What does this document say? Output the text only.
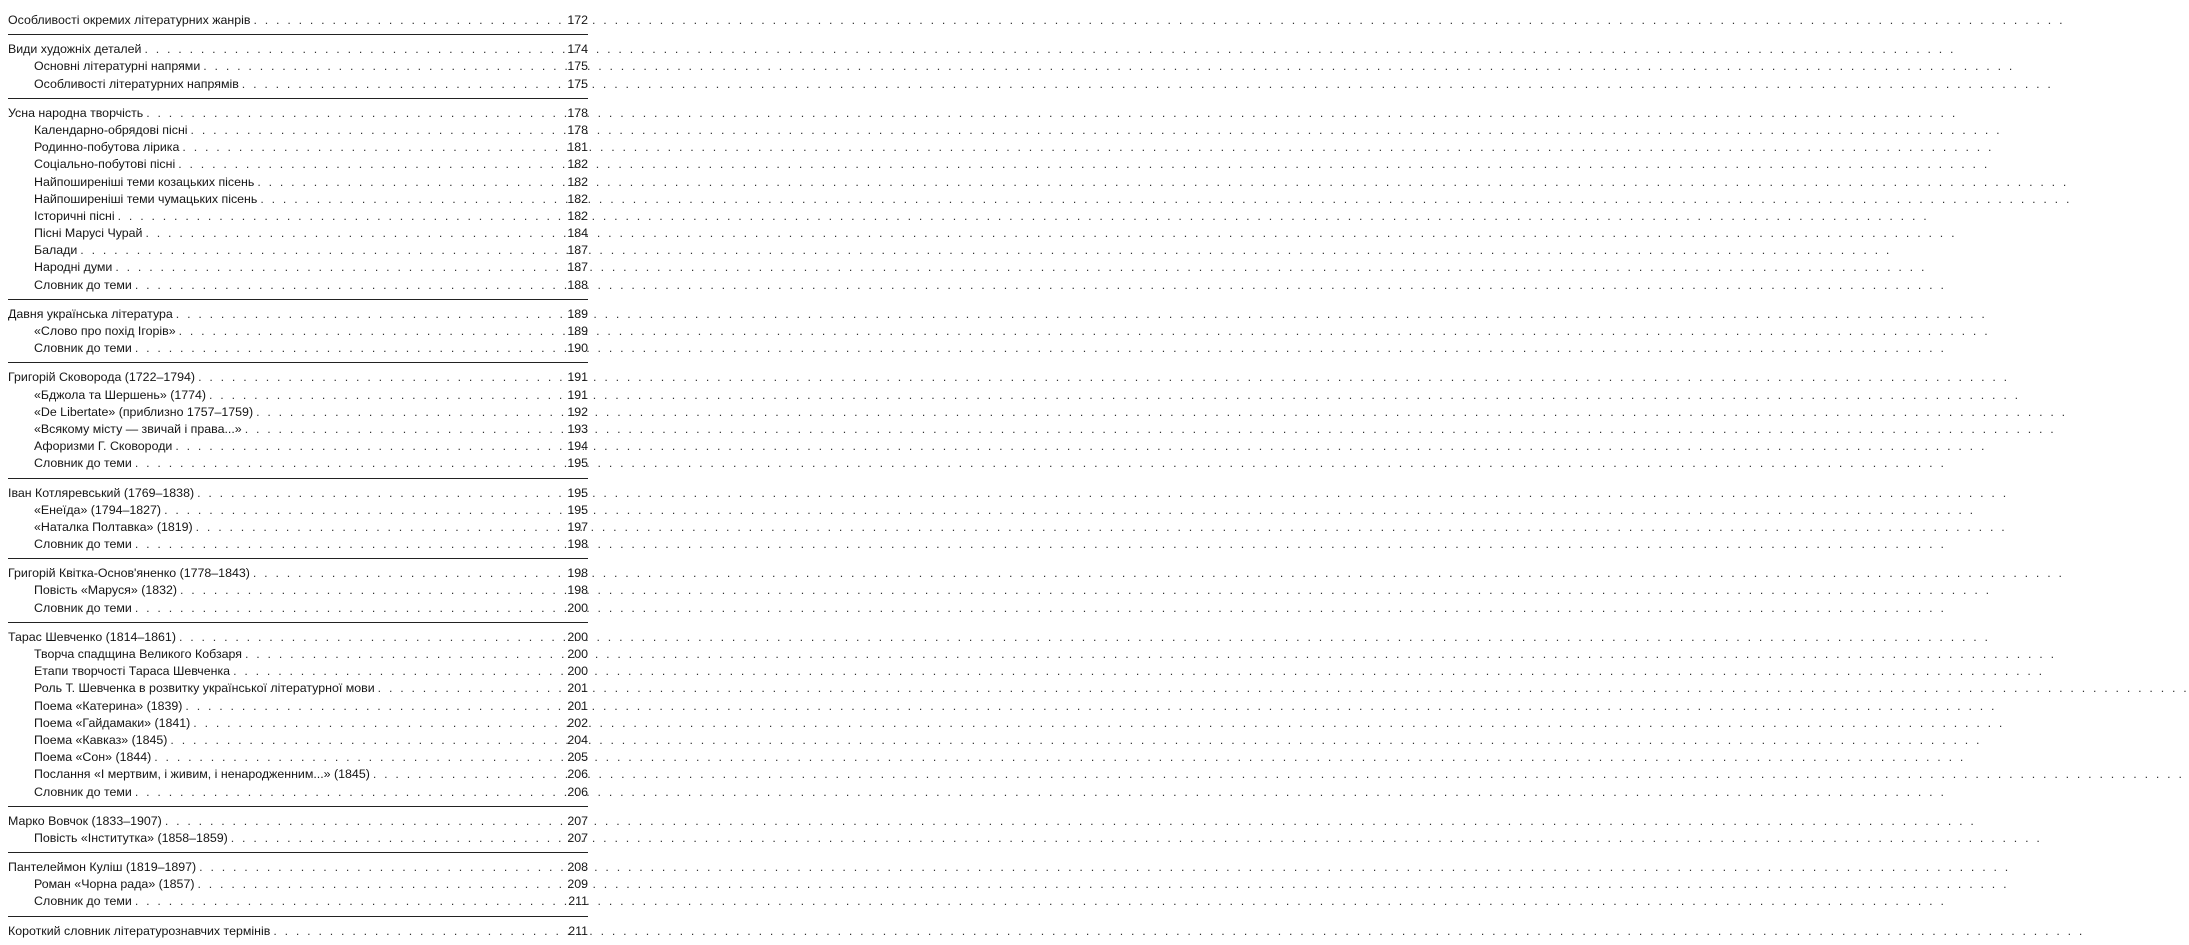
Особливості окремих літературних жанрів . . .	172
Види художніх деталей . . .	174
Основні літературні напрями . . .	175
Особливості літературних напрямів . . .	175
Усна народна творчість . . .	178
Календарно-обрядові пісні . . .	178
Родинно-побутова лірика . . .	181
Соціально-побутові пісні . . .	182
Найпоширеніші теми козацьких пісень . . .	182
Найпоширеніші теми чумацьких пісень . . .	182
Історичні пісні . . .	182
Пісні Марусі Чурай . . .	184
Балади . . .	187
Народні думи . . .	187
Словник до теми . . .	188
Давня українська література . . .	189
«Слово про похід Ігорів» . . .	189
Словник до теми . . .	190
Григорій Сковорода (1722–1794) . . .	191
«Бджола та Шершень» (1774) . . .	191
«De Libertate» (приблизно 1757–1759) . . .	192
«Всякому місту — звичай і права...» . . .	193
Афоризми Г. Сковороди . . .	194
Словник до теми . . .	195
Іван Котляревський (1769–1838) . . .	195
«Енеїда» (1794–1827) . . .	195
«Наталка Полтавка» (1819) . . .	197
Словник до теми . . .	198
Григорій Квітка-Основ'яненко (1778–1843) . . .	198
Повість «Маруся» (1832) . . .	198
Словник до теми . . .	200
Тарас Шевченко (1814–1861) . . .	200
Творча спадщина Великого Кобзаря . . .	200
Етапи творчості Тараса Шевченка . . .	200
Роль Т. Шевченка в розвитку української літературної мови . . .	201
Поема «Катерина» (1839) . . .	201
Поема «Гайдамаки» (1841) . . .	202
Поема «Кавказ» (1845) . . .	204
Поема «Сон» (1844) . . .	205
Послання «І мертвим, і живим, і ненародженним...» (1845) . . .	206
Словник до теми . . .	206
Марко Вовчок (1833–1907) . . .	207
Повість «Інститутка» (1858–1859) . . .	207
Пантелеймон Куліш (1819–1897) . . .	208
Роман «Чорна рада» (1857) . . .	209
Словник до теми . . .	211
Короткий словник літературознавчих термінів . . .	211
